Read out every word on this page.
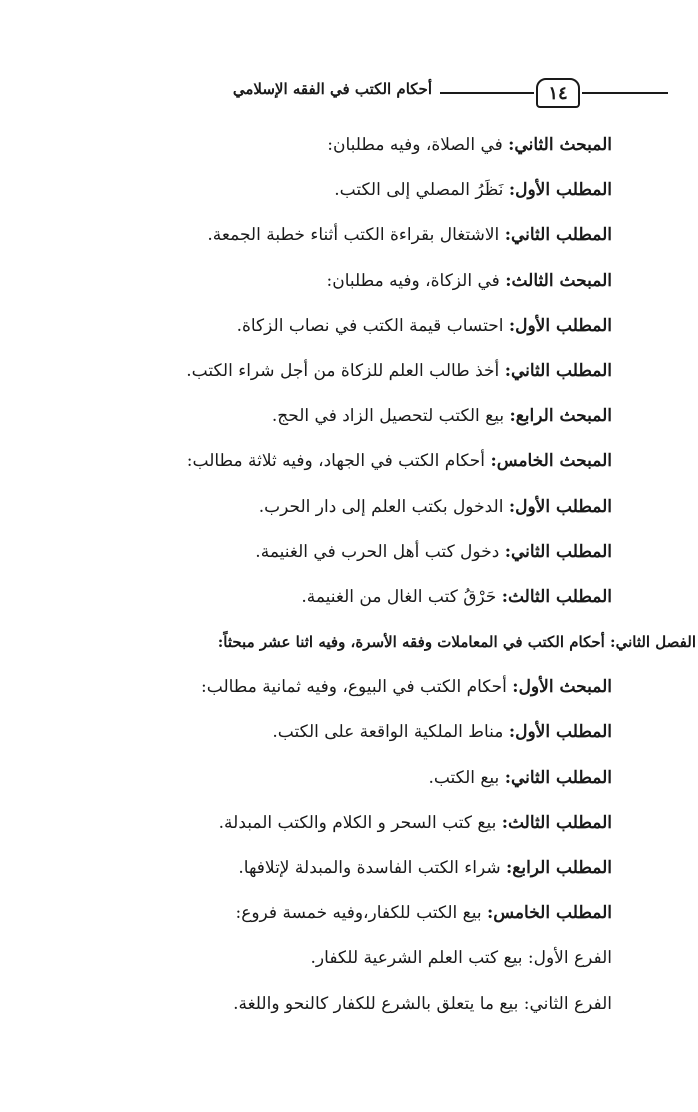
١٤
أحكام الكتب في الفقه الإسلامي
المبحث الثاني: في الصلاة، وفيه مطلبان:
المطلب الأول: نَظَرُ المصلي إلى الكتب.
المطلب الثاني: الاشتغال بقراءة الكتب أثناء خطبة الجمعة.
المبحث الثالث: في الزكاة، وفيه مطلبان:
المطلب الأول: احتساب قيمة الكتب في نصاب الزكاة.
المطلب الثاني: أخذ طالب العلم للزكاة من أجل شراء الكتب.
المبحث الرابع: بيع الكتب لتحصيل الزاد في الحج.
المبحث الخامس: أحكام الكتب في الجهاد، وفيه ثلاثة مطالب:
المطلب الأول: الدخول بكتب العلم إلى دار الحرب.
المطلب الثاني: دخول كتب أهل الحرب في الغنيمة.
المطلب الثالث: حَرْقُ كتب الغال من الغنيمة.
الفصل الثاني: أحكام الكتب في المعاملات وفقه الأسرة، وفيه اثنا عشر مبحثاً:
المبحث الأول: أحكام الكتب في البيوع، وفيه ثمانية مطالب:
المطلب الأول: مناط الملكية الواقعة على الكتب.
المطلب الثاني: بيع الكتب.
المطلب الثالث: بيع كتب السحر و الكلام والكتب المبدلة.
المطلب الرابع: شراء الكتب الفاسدة والمبدلة لإتلافها.
المطلب الخامس: بيع الكتب للكفار،وفيه خمسة فروع:
الفرع الأول: بيع كتب العلم الشرعية للكفار.
الفرع الثاني: بيع ما يتعلق بالشرع للكفار كالنحو واللغة.
